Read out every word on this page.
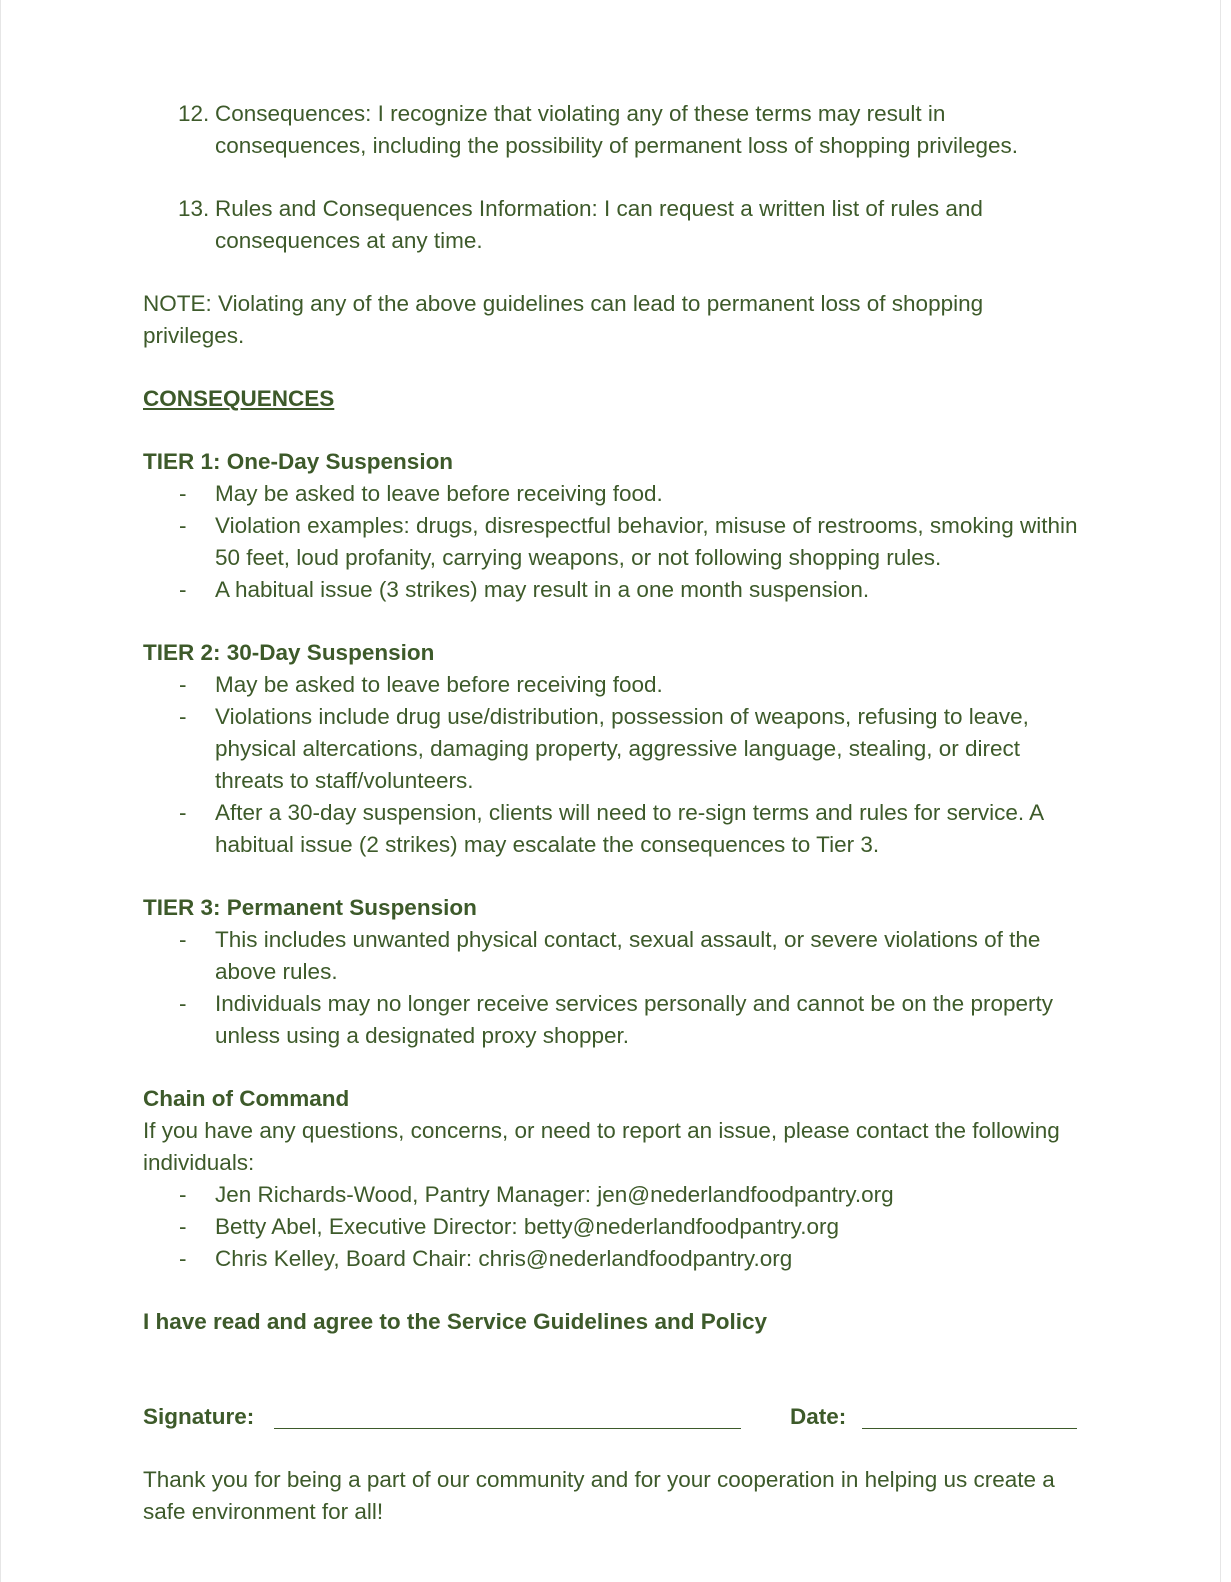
12. Consequences: I recognize that violating any of these terms may result in consequences, including the possibility of permanent loss of shopping privileges.
13. Rules and Consequences Information: I can request a written list of rules and consequences at any time.

NOTE: Violating any of the above guidelines can lead to permanent loss of shopping privileges.

CONSEQUENCES

TIER 1: One-Day Suspension

- May be asked to leave before receiving food.
- Violation examples: drugs, disrespectful behavior, misuse of restrooms, smoking within 50 feet, loud profanity, carrying weapons, or not following shopping rules.
- A habitual issue (3 strikes) may result in a one month suspension.

TIER 2: 30-Day Suspension

- May be asked to leave before receiving food.
- Violations include drug use/distribution, possession of weapons, refusing to leave, physical altercations, damaging property, aggressive language, stealing, or direct threats to staff/volunteers.
- After a 30-day suspension, clients will need to re-sign terms and rules for service. A habitual issue (2 strikes) may escalate the consequences to Tier 3.

TIER 3: Permanent Suspension

- This includes unwanted physical contact, sexual assault, or severe violations of the above rules.
- Individuals may no longer receive services personally and cannot be on the property unless using a designated proxy shopper.

Chain of Command

If you have any questions, concerns, or need to report an issue, please contact the following individuals:

- Jen Richards-Wood, Pantry Manager: jen@nederlandfoodpantry.org
- Betty Abel, Executive Director: betty@nederlandfoodpantry.org
- Chris Kelley, Board Chair: chris@nederlandfoodpantry.org

I have read and agree to the Service Guidelines and Policy

Signature:	Date:

Thank you for being a part of our community and for your cooperation in helping us create a safe environment for all!
